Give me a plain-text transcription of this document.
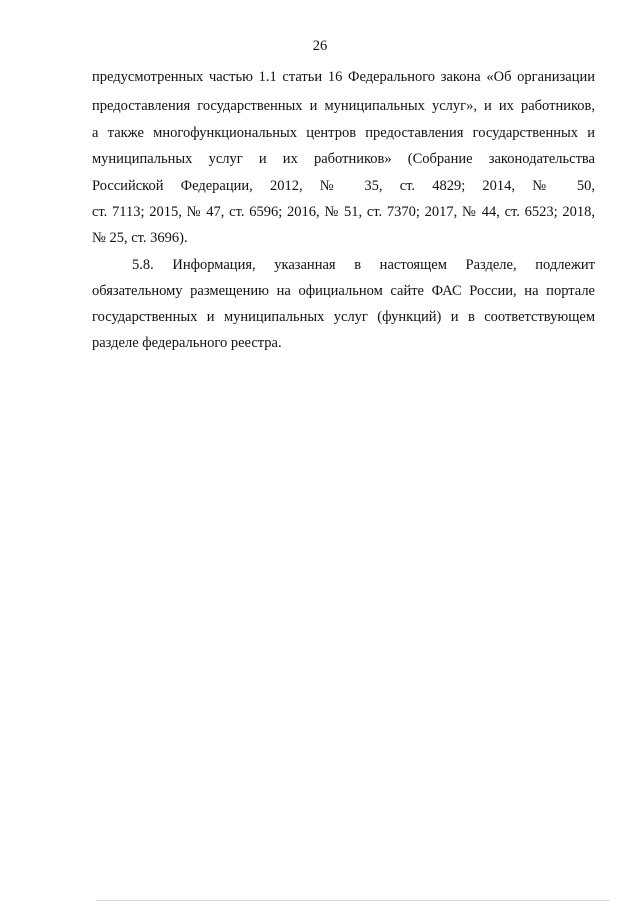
26
предусмотренных частью 1.1 статьи 16 Федерального закона «Об организации
предоставления государственных и муниципальных услуг», и их работников,
а также многофункциональных центров предоставления государственных и
муниципальных услуг и их работников» (Собрание законодательства
Российской Федерации, 2012, № 35, ст. 4829; 2014, № 50,
ст. 7113; 2015, № 47, ст. 6596; 2016, № 51, ст. 7370; 2017, № 44, ст. 6523; 2018,
№ 25, ст. 3696).
5.8. Информация, указанная в настоящем Разделе, подлежит
обязательному размещению на официальном сайте ФАС России, на портале
государственных и муниципальных услуг (функций) и в соответствующем
разделе федерального реестра.
